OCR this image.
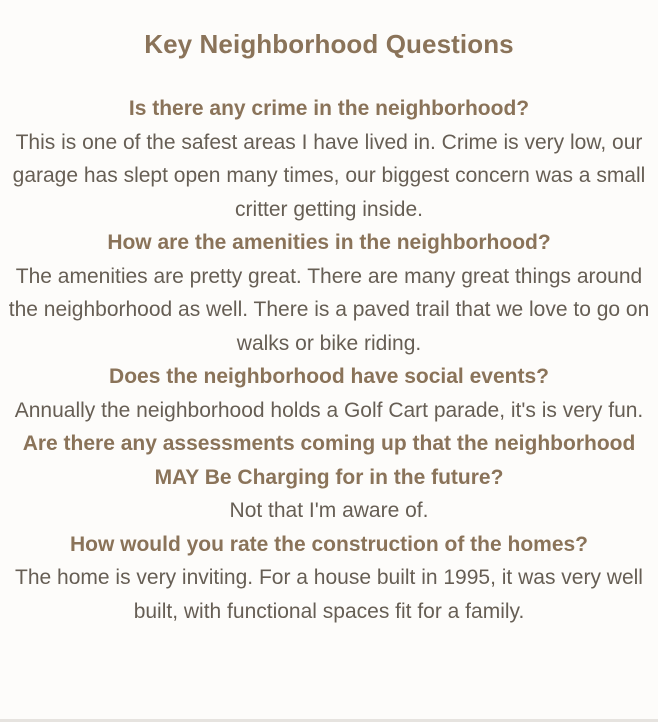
Key Neighborhood Questions

Is there any crime in the neighborhood?

This is one of the safest areas I have lived in. Crime is very low, our garage has slept open many times, our biggest concern was a small critter getting inside.

How are the amenities in the neighborhood?

The amenities are pretty great. There are many great things around the neighborhood as well. There is a paved trail that we love to go on walks or bike riding.

Does the neighborhood have social events?

Annually the neighborhood holds a Golf Cart parade, it's is very fun.

Are there any assessments coming up that the neighborhood MAY Be Charging for in the future?

Not that I'm aware of.

How would you rate the construction of the homes?

The home is very inviting. For a house built in 1995, it was very well built, with functional spaces fit for a family.
